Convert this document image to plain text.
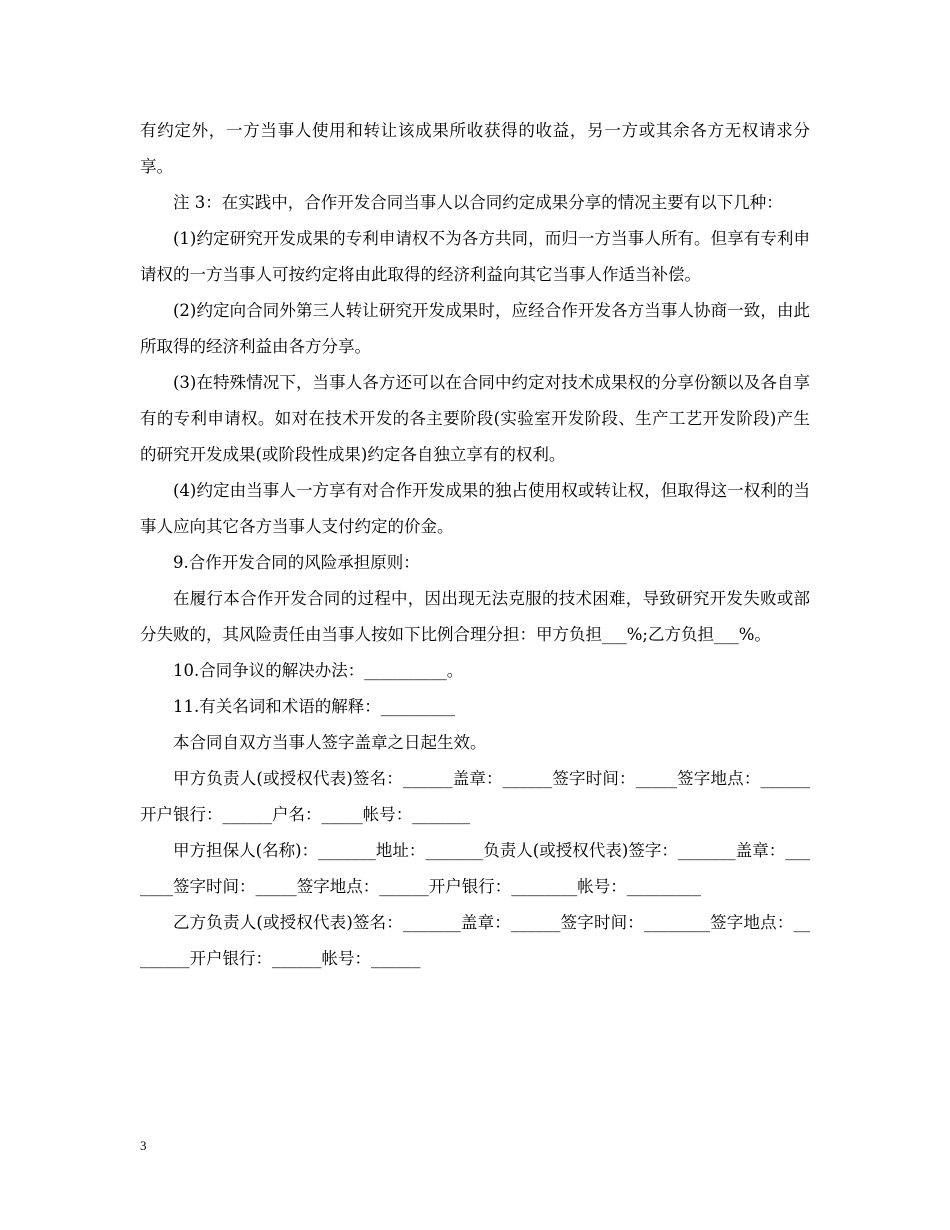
有约定外，一方当事人使用和转让该成果所收获得的收益，另一方或其余各方无权请求分享。

注 3：在实践中，合作开发合同当事人以合同约定成果分享的情况主要有以下几种：

(1)约定研究开发成果的专利申请权不为各方共同，而归一方当事人所有。但享有专利申请权的一方当事人可按约定将由此取得的经济利益向其它当事人作适当补偿。

(2)约定向合同外第三人转让研究开发成果时，应经合作开发各方当事人协商一致，由此所取得的经济利益由各方分享。

(3)在特殊情况下，当事人各方还可以在合同中约定对技术成果权的分享份额以及各自享有的专利申请权。如对在技术开发的各主要阶段(实验室开发阶段、生产工艺开发阶段)产生的研究开发成果(或阶段性成果)约定各自独立享有的权利。

(4)约定由当事人一方享有对合作开发成果的独占使用权或转让权，但取得这一权利的当事人应向其它各方当事人支付约定的价金。

9.合作开发合同的风险承担原则：

在履行本合作开发合同的过程中，因出现无法克服的技术困难，导致研究开发失败或部分失败的，其风险责任由当事人按如下比例合理分担：甲方负担___%;乙方负担___%。

10.合同争议的解决办法：__________。

11.有关名词和术语的解释：_________

本合同自双方当事人签字盖章之日起生效。

甲方负责人(或授权代表)签名：______盖章：______签字时间：_____签字地点：______开户银行：______户名：_____帐号：_______

甲方担保人(名称)：_______地址：_______负责人(或授权代表)签字：_______盖章：_______签字时间：_____签字地点：______开户银行：________帐号：_________

乙方负责人(或授权代表)签名：_______盖章：______签字时间：________签字地点：________开户银行：______帐号：______

3
